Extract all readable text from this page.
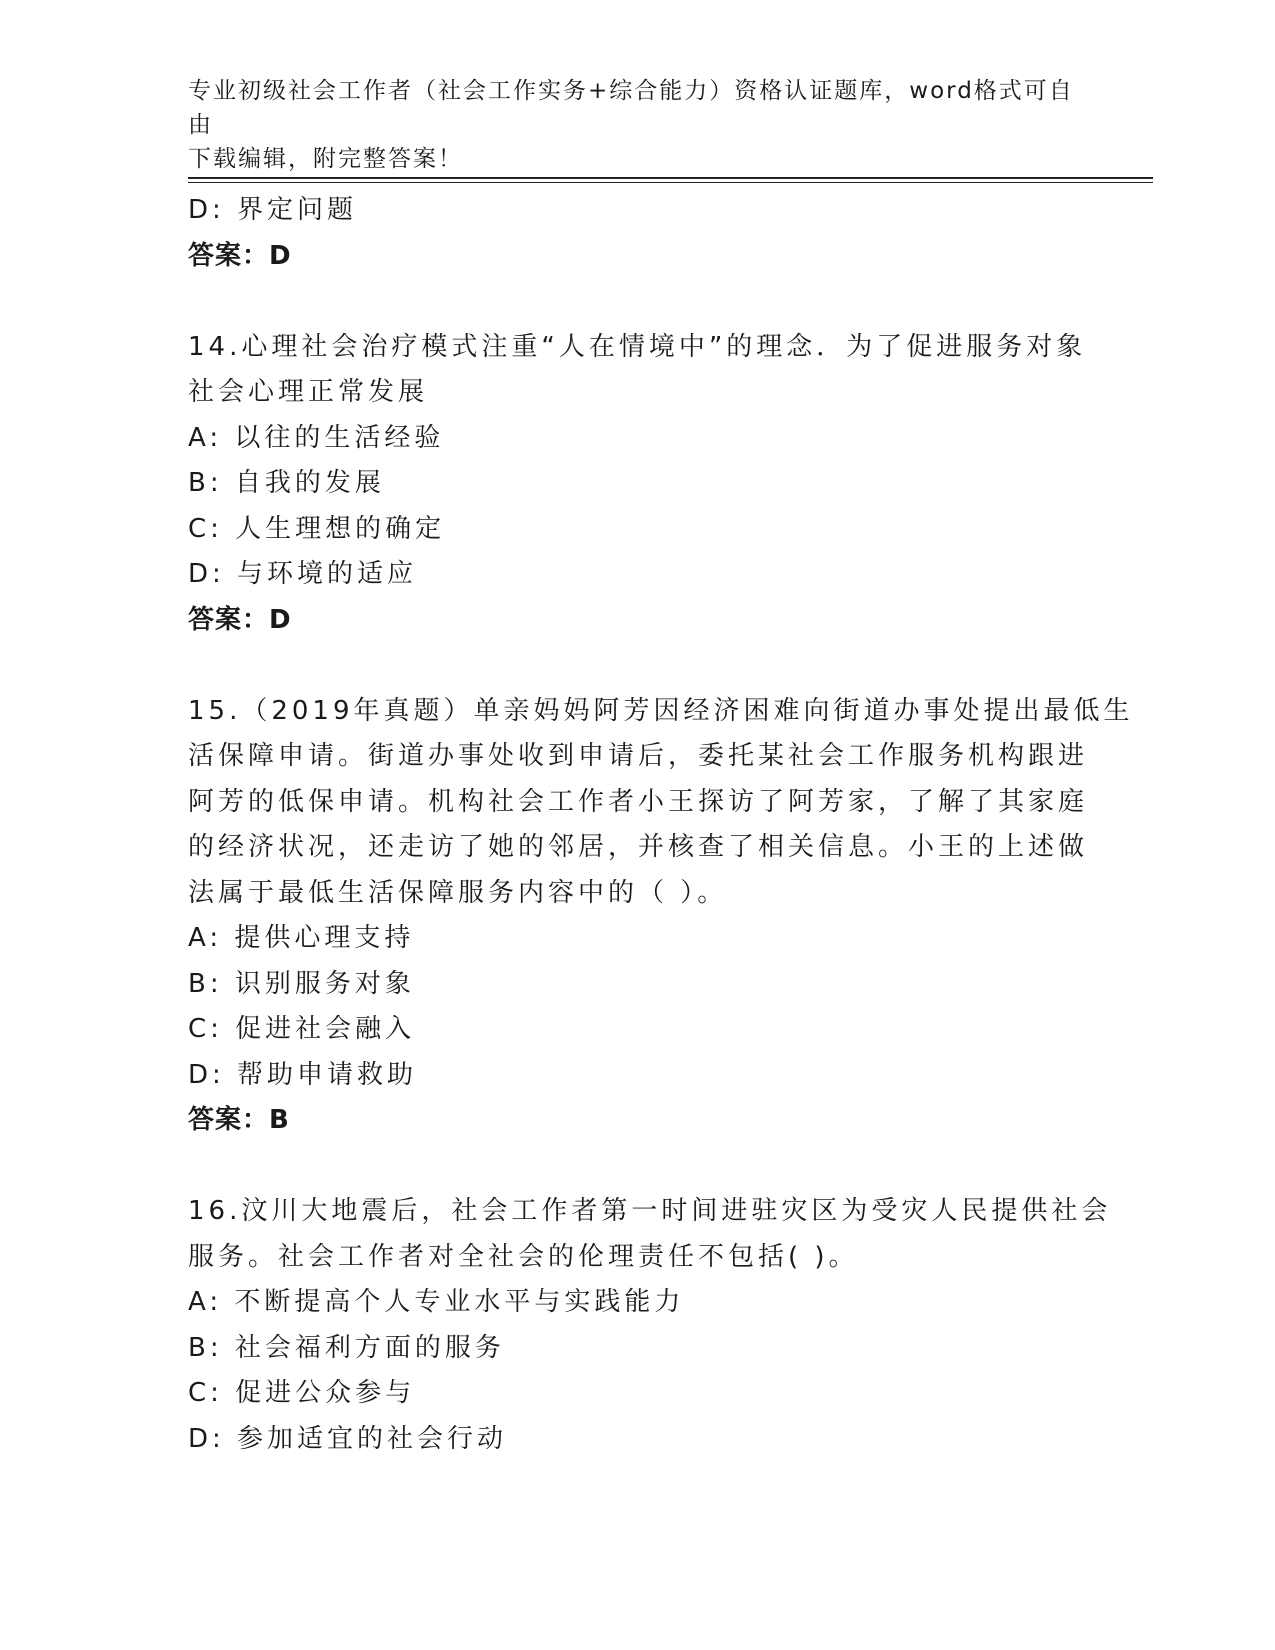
专业初级社会工作者（社会工作实务+综合能力）资格认证题库，word格式可自由
下载编辑，附完整答案！
D: 界定问题
答案：D
14.心理社会治疗模式注重“人在情境中”的理念．为了促进服务对象
社会心理正常发展
A: 以往的生活经验
B: 自我的发展
C: 人生理想的确定
D: 与环境的适应
答案：D
15.（2019年真题）单亲妈妈阿芳因经济困难向街道办事处提出最低生
活保障申请。街道办事处收到申请后，委托某社会工作服务机构跟进
阿芳的低保申请。机构社会工作者小王探访了阿芳家，了解了其家庭
的经济状况，还走访了她的邻居，并核查了相关信息。小王的上述做
法属于最低生活保障服务内容中的（ ）。
A: 提供心理支持
B: 识别服务对象
C: 促进社会融入
D: 帮助申请救助
答案：B
16.汶川大地震后，社会工作者第一时间进驻灾区为受灾人民提供社会
服务。社会工作者对全社会的伦理责任不包括( )。
A: 不断提高个人专业水平与实践能力
B: 社会福利方面的服务
C: 促进公众参与
D: 参加适宜的社会行动
